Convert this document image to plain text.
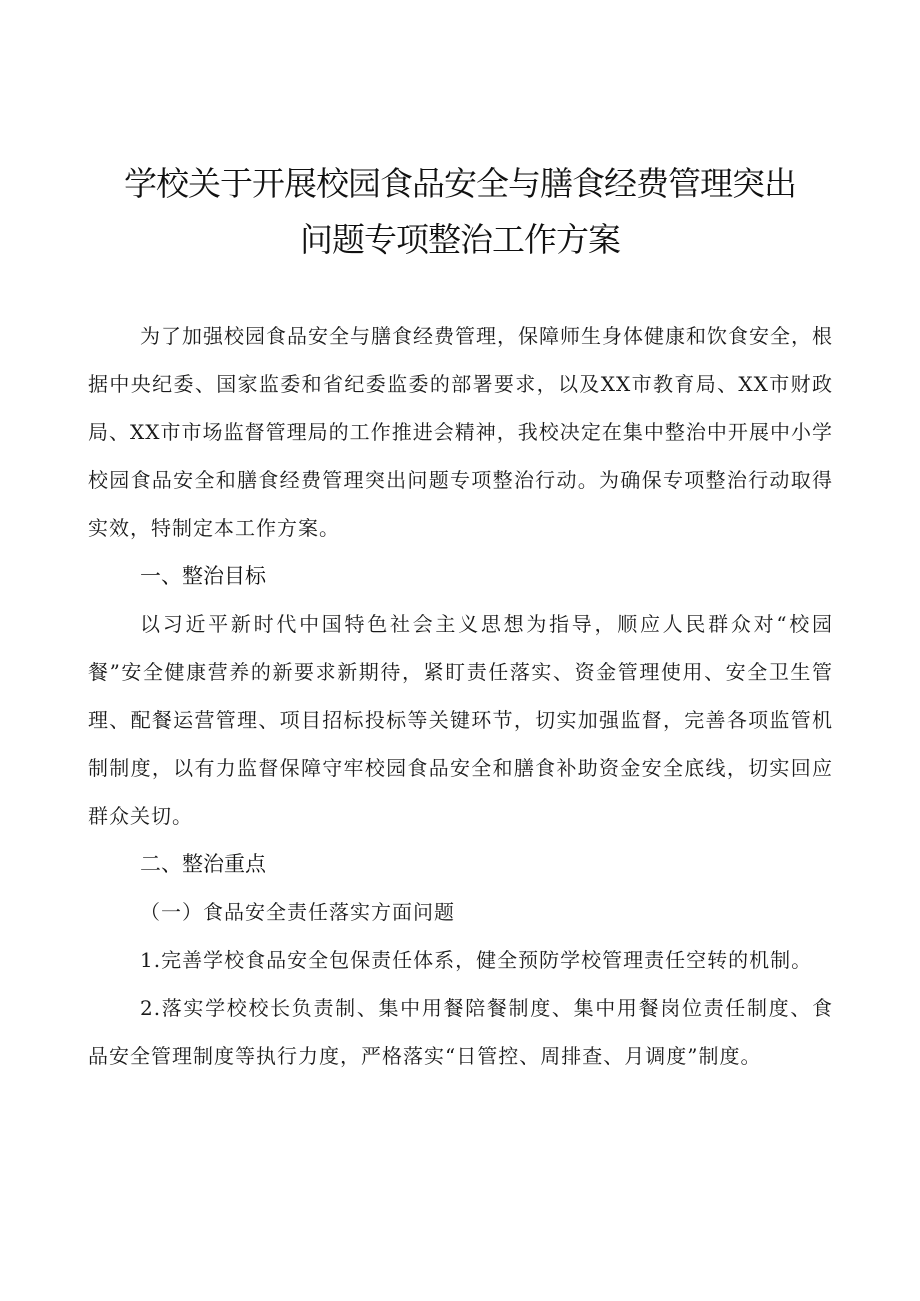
学校关于开展校园食品安全与膳食经费管理突出
问题专项整治工作方案

为了加强校园食品安全与膳食经费管理，保障师生身体健康和饮食安全，根据中央纪委、国家监委和省纪委监委的部署要求，以及XX市教育局、XX市财政局、XX市市场监督管理局的工作推进会精神，我校决定在集中整治中开展中小学校园食品安全和膳食经费管理突出问题专项整治行动。为确保专项整治行动取得实效，特制定本工作方案。

一、整治目标

以习近平新时代中国特色社会主义思想为指导，顺应人民群众对“校园餐”安全健康营养的新要求新期待，紧盯责任落实、资金管理使用、安全卫生管理、配餐运营管理、项目招标投标等关键环节，切实加强监督，完善各项监管机制制度，以有力监督保障守牢校园食品安全和膳食补助资金安全底线，切实回应群众关切。

二、整治重点

（一）食品安全责任落实方面问题

1.完善学校食品安全包保责任体系，健全预防学校管理责任空转的机制。

2.落实学校校长负责制、集中用餐陪餐制度、集中用餐岗位责任制度、食品安全管理制度等执行力度，严格落实“日管控、周排查、月调度”制度。
